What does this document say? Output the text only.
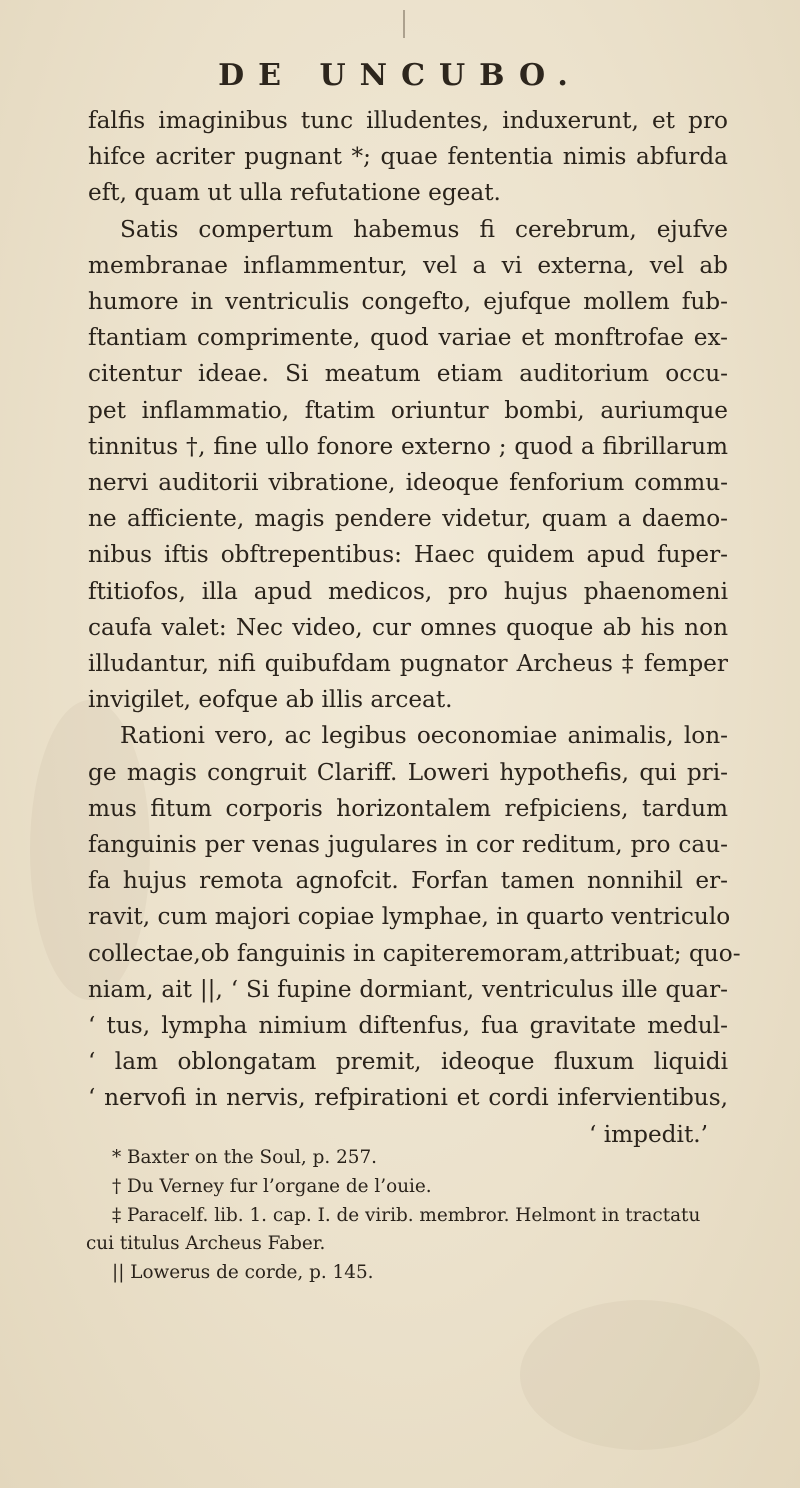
DE UNCUBO.
falfis imaginibus tunc illudentes, induxerunt, et pro
hifce acriter pugnant *; quae fententia nimis abfurda
eft, quam ut ulla refutatione egeat.
Satis compertum habemus fi cerebrum, ejufve
membranae inflammentur, vel a vi externa, vel ab
humore in ventriculis congefto, ejufque mollem fub-
ftantiam comprimente, quod variae et monftrofae ex-
citentur ideae. Si meatum etiam auditorium occu-
pet inflammatio, ftatim oriuntur bombi, auriumque
tinnitus †, fine ullo fonore externo ; quod a fibrillarum
nervi auditorii vibratione, ideoque fenforium commu-
ne afficiente, magis pendere videtur, quam a daemo-
nibus iftis obftrepentibus: Haec quidem apud fuper-
ftitiofos, illa apud medicos, pro hujus phaenomeni
caufa valet: Nec video, cur omnes quoque ab his non
illudantur, nifi quibufdam pugnator Archeus ‡ femper
invigilet, eofque ab illis arceat.
Rationi vero, ac legibus oeconomiae animalis, lon-
ge magis congruit Clariff. Loweri hypothefis, qui pri-
mus fitum corporis horizontalem refpiciens, tardum
fanguinis per venas jugulares in cor reditum, pro cau-
fa hujus remota agnofcit. Forfan tamen nonnihil er-
ravit, cum majori copiae lymphae, in quarto ventriculo
collectae,ob fanguinis in capiteremoram,attribuat; quo-
niam, ait ||, ‘ Si fupine dormiant, ventriculus ille quar-
‘ tus, lympha nimium diftenfus, fua gravitate medul-
‘ lam oblongatam premit, ideoque fluxum liquidi
‘ nervofi in nervis, refpirationi et cordi infervientibus,
‘ impedit.’
* Baxter on the Soul, p. 257.
† Du Verney fur l’organe de l’ouie.
‡ Paracelf. lib. 1. cap. I. de virib. membror. Helmont in tractatu
cui titulus Archeus Faber.
|| Lowerus de corde, p. 145.
